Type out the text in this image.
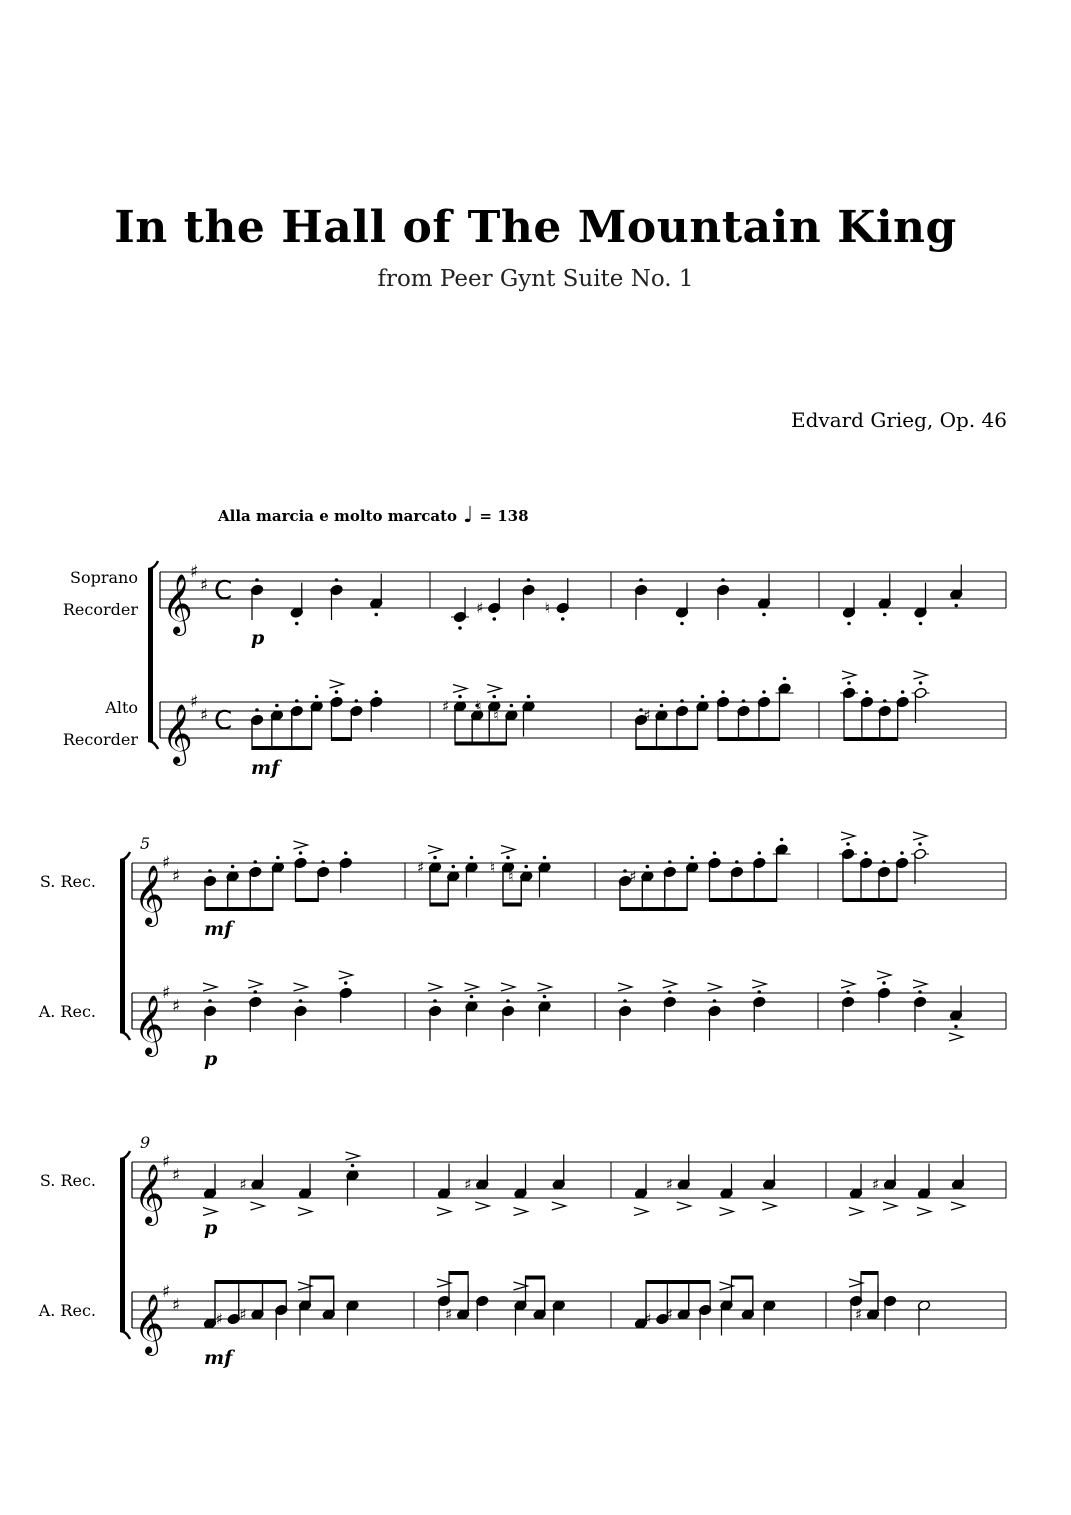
In the Hall of The Mountain King
from Peer Gynt Suite No. 1
Edvard Grieg, Op. 46
Alla marcia e molto marcato ♩ = 138
Soprano
Recorder 𝄞
♯
♯ C
p
♯	♮
Alto
Recorder 𝄞
♯
♯ C
mf
♯ ♮ ♮	♯
5
S. Rec. 𝄞
♯
♯
mf
♯	♮ ♮	♯
A. Rec. 𝄞
♯
♯
p
9
S. Rec. 𝄞
♯
♯
p
♯	♯	♯	♯
A. Rec. 𝄞
♯
♯
mf
♯ ♯	♯	♯ ♯	♯
